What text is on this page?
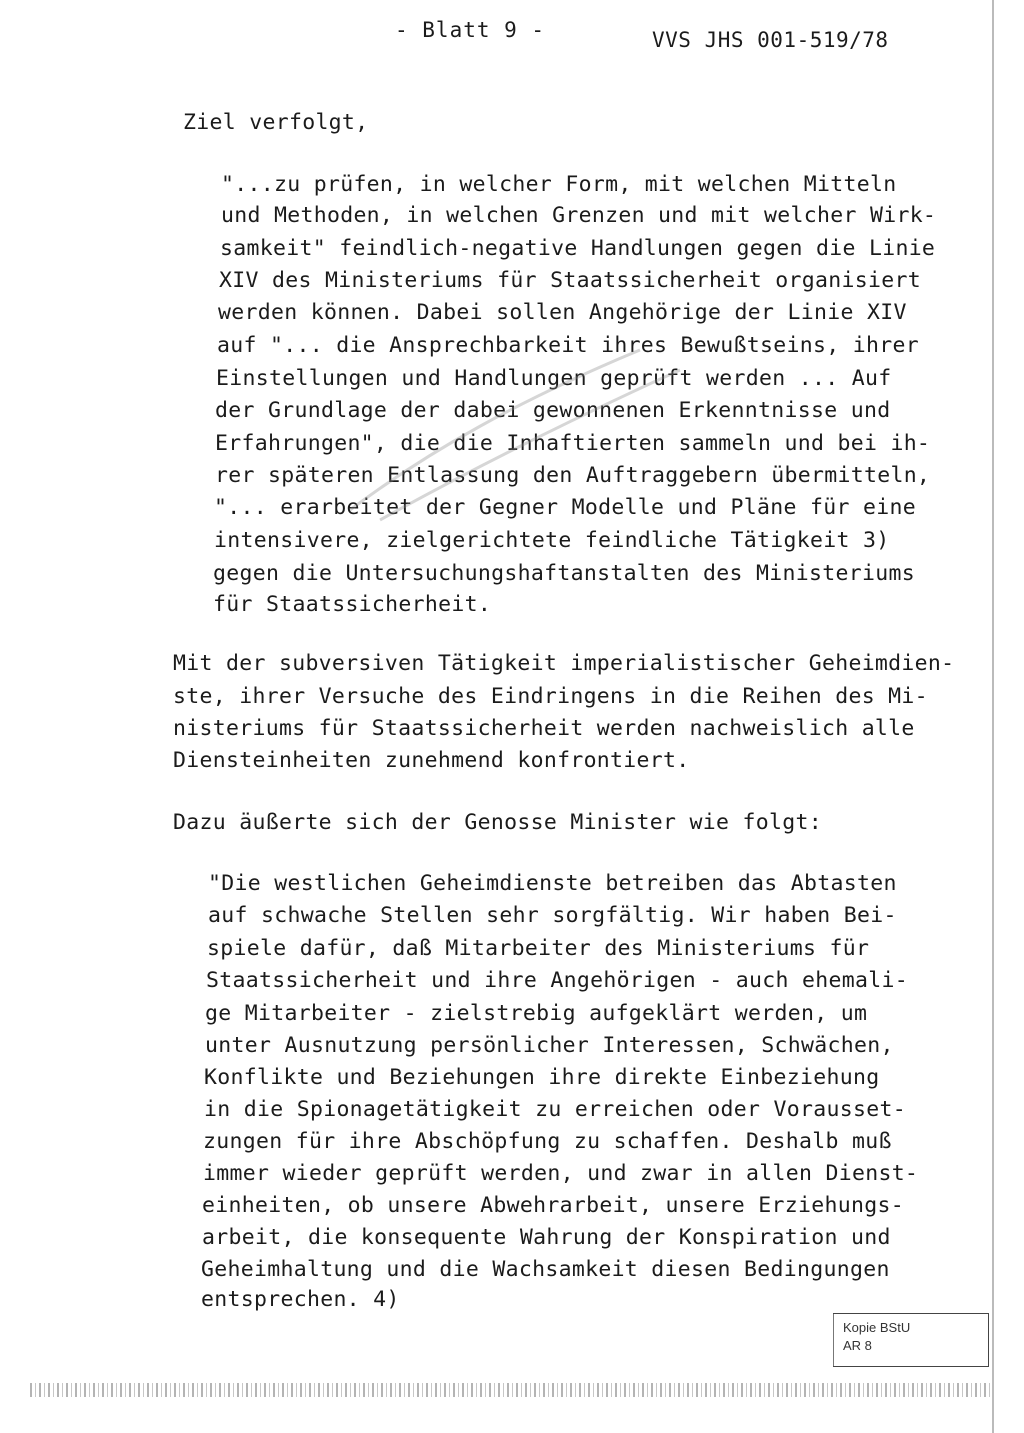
- Blatt 9 -	VVS JHS 001-519/78
Ziel verfolgt,
"...zu prüfen, in welcher Form, mit welchen Mitteln
und Methoden, in welchen Grenzen und mit welcher Wirk-
samkeit" feindlich-negative Handlungen gegen die Linie
XIV des Ministeriums für Staatssicherheit organisiert
werden können. Dabei sollen Angehörige der Linie XIV
auf "... die Ansprechbarkeit ihres Bewußtseins, ihrer
Einstellungen und Handlungen geprüft werden ... Auf
der Grundlage der dabei gewonnenen Erkenntnisse und
Erfahrungen", die die Inhaftierten sammeln und bei ih-
rer späteren Entlassung den Auftraggebern übermitteln,
"... erarbeitet der Gegner Modelle und Pläne für eine
intensivere, zielgerichtete feindliche Tätigkeit 3)
gegen die Untersuchungshaftanstalten des Ministeriums
für Staatssicherheit.
Mit der subversiven Tätigkeit imperialistischer Geheimdien-
ste, ihrer Versuche des Eindringens in die Reihen des Mi-
nisteriums für Staatssicherheit werden nachweislich alle
Diensteinheiten zunehmend konfrontiert.
Dazu äußerte sich der Genosse Minister wie folgt:
"Die westlichen Geheimdienste betreiben das Abtasten
auf schwache Stellen sehr sorgfältig. Wir haben Bei-
spiele dafür, daß Mitarbeiter des Ministeriums für
Staatssicherheit und ihre Angehörigen - auch ehemali-
ge Mitarbeiter - zielstrebig aufgeklärt werden, um
unter Ausnutzung persönlicher Interessen, Schwächen,
Konflikte und Beziehungen ihre direkte Einbeziehung
in die Spionagetätigkeit zu erreichen oder Vorausset-
zungen für ihre Abschöpfung zu schaffen. Deshalb muß
immer wieder geprüft werden, und zwar in allen Dienst-
einheiten, ob unsere Abwehrarbeit, unsere Erziehungs-
arbeit, die konsequente Wahrung der Konspiration und
Geheimhaltung und die Wachsamkeit diesen Bedingungen
entsprechen. 4)
Kopie BStU
AR 8
